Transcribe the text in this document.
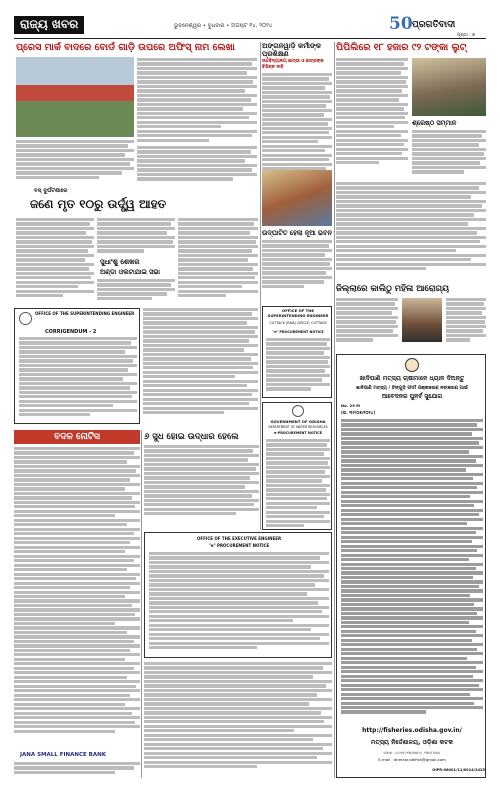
ରାଜ୍ୟ ଖବର	ଭୁବନେଶ୍ୱର • ବୁଧବାର • ଅଗଷ୍ଟ ୧୪, ୨୦୨୪	50 ପ୍ରଗତିବାଦୀ
ପୃଷ୍ଠା : ୭
ପ୍ରେସ ମାର୍କ ବାଦରେ ବୋର୍ଡ ଗାଡ଼ି ଉପରେ ଅଫିସ୍ ନାମ ଲେଖା
ବସ୍ ଦୁର୍ଘଟଣାରେ
ଜଣେ ମୃତ ୧୦ରୁ ଉର୍ଦ୍ଧ୍ୱ ଆହତ
ସୁଧାଂଶୁ ଶେଖର
ଅଣ୍ଡା ଓଲଟାଯାଇ ସଭା
OFFICE OF THE SUPERINTENDING ENGINEER
CORRIGENDUM - 2
ବଦଳ ନୋଟିସ
JANA SMALL FINANCE BANK
୬ ସୁଧ ହୋଇ ଉଦ୍ଧାର ହେଲେ
ଅଙ୍ଗନୱାଡ଼ି କର୍ମୀଙ୍କ ପ୍ରଶିକ୍ଷଣ
ଉଚ୍ଚବିଦ୍ୟାଳୟ ଛାତ୍ରୀ ଓ ଛାତ୍ରଙ୍କ ବିଭିନ୍ନ ଦାବି
ଉଦ୍‌ଘାଟିତ ହେଲା ନୂଆ ଭବନ
OFFICE OF THE SUPERINTENDING ENGINEER
CUTTACK (R&B) CIRCLE, CUTTACK
"e" PROCUREMENT NOTICE
GOVERNMENT OF ODISHA
DEPARTMENT OF WATER RESOURCES
e-PROCUREMENT NOTICE
OFFICE OF THE EXECUTIVE ENGINEER
"e" PROCUREMENT NOTICE
ପିପିଲିରେ ୧୮ ହଜାର ୯୨ ଟଙ୍କା ଲୁଟ୍
ଶ୍ରେଷ୍ଠ ସମ୍ମାନ
ଜିଲ୍ଲାରେ କାଲିଠୁ ମହିଳା ଆରୋଗ୍ୟ
ଖାଦିପାଣି ମତ୍ସ୍ୟ ଚାଷୀମାନେ ଧ୍ୟାନ ଦିଅନ୍ତୁ
ଖାଦିପାଣି ମତ୍ସ୍ୟ / ଚିଙ୍ଗୁଡ଼ି ଫାର୍ମ ପଞ୍ଜୀକରଣ ନବୀକରଣ ପାଇଁ
ଆବେଦନର ପୁନର୍ବ ସୁଯୋଗ
No. 29 M
(ତା. ୩୧/୦୭/୨୦୨୪)
http://fisheries.odisha.gov.in/
ମତ୍ସ୍ୟ ନିର୍ଦ୍ଦେଶାଳୟ, ଓଡ଼ିଶା କଟକ
ଫୋନ : ୦୬୭୧-୨୩୦୧୫୦୯, ୨୩୦୮୫୩୪
E-mail : director.odifish@gmail.com
OIPR-06001/11/0014/2425
